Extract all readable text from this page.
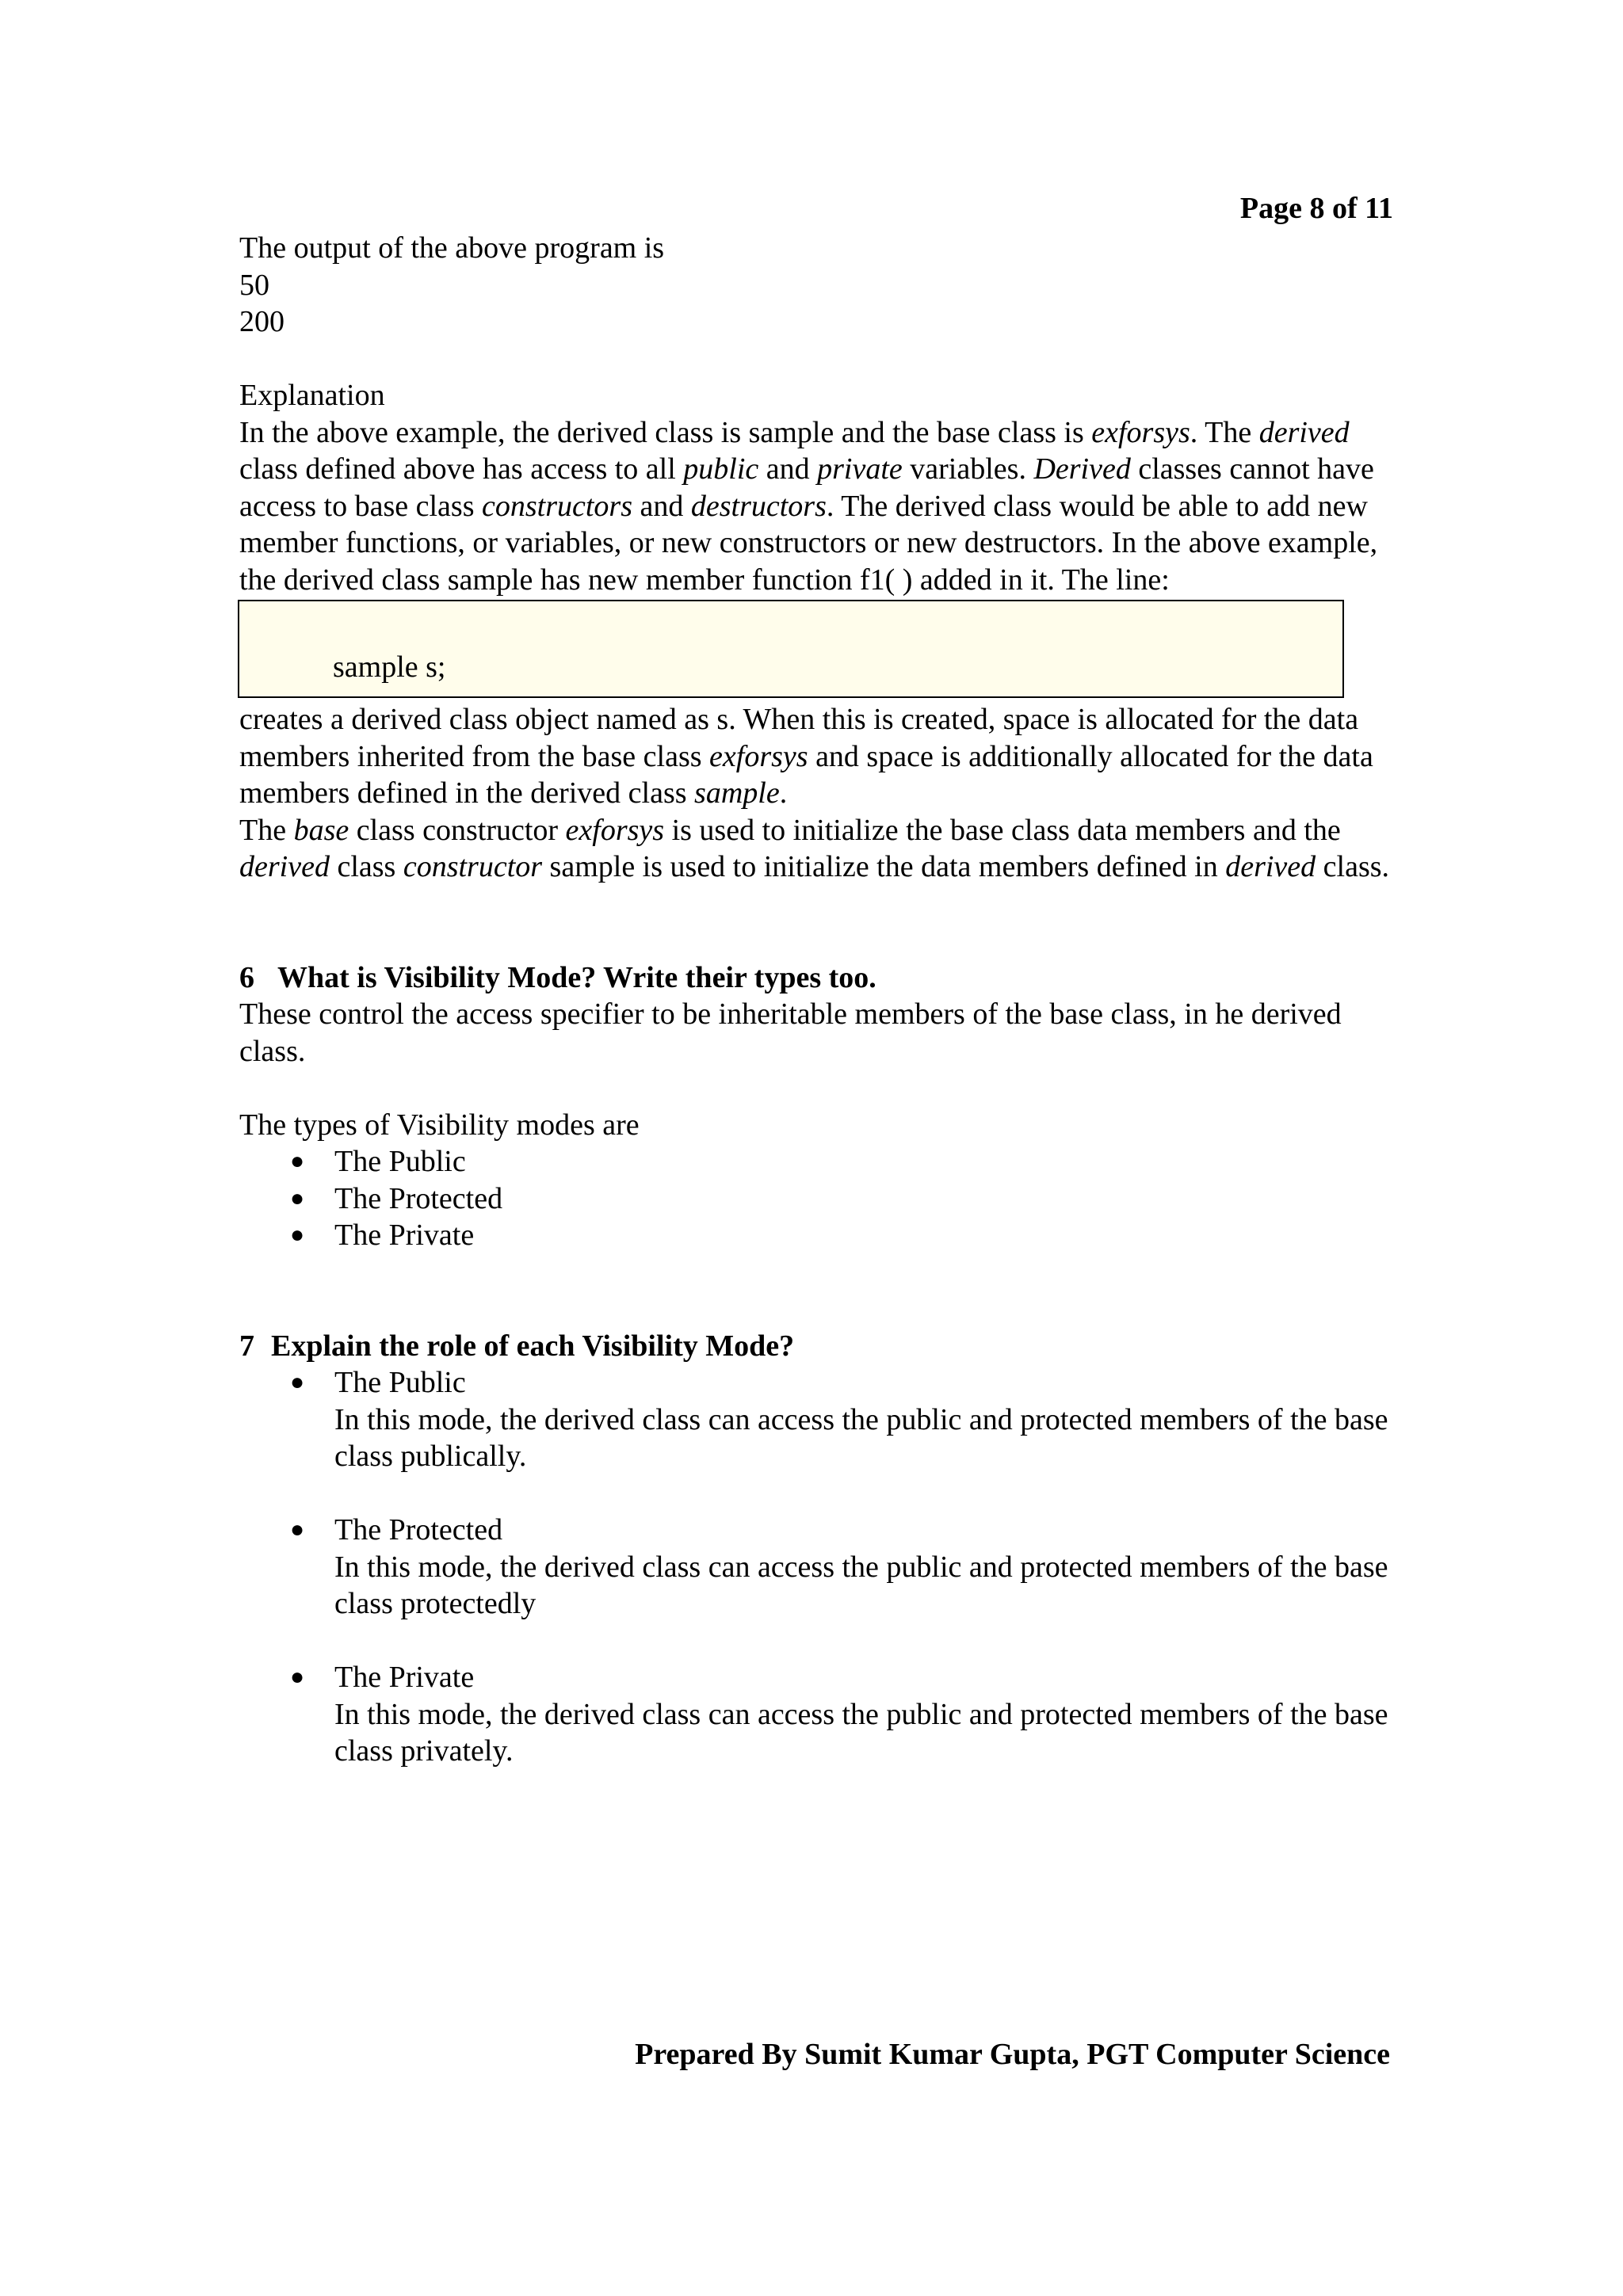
Page 8 of 11

The output of the above program is

50

200

Explanation

In the above example, the derived class is sample and the base class is exforsys. The derived class defined above has access to all public and private variables. Derived classes cannot have access to base class constructors and destructors. The derived class would be able to add new member functions, or variables, or new constructors or new destructors. In the above example, the derived class sample has new member function f1( ) added in it. The line:

sample s;

creates a derived class object named as s. When this is created, space is allocated for the data members inherited from the base class exforsys and space is additionally allocated for the data members defined in the derived class sample.

The base class constructor exforsys is used to initialize the base class data members and the derived class constructor sample is used to initialize the data members defined in derived class.

6 What is Visibility Mode? Write their types too.

These control the access specifier to be inheritable members of the base class, in he derived class.

The types of Visibility modes are

● The Public
● The Protected
● The Private

7 Explain the role of each Visibility Mode?

● The Public
In this mode, the derived class can access the public and protected members of the base class publically.
● The Protected
In this mode, the derived class can access the public and protected members of the base class protectedly
● The Private
In this mode, the derived class can access the public and protected members of the base class privately.
Prepared By Sumit Kumar Gupta, PGT Computer Science
